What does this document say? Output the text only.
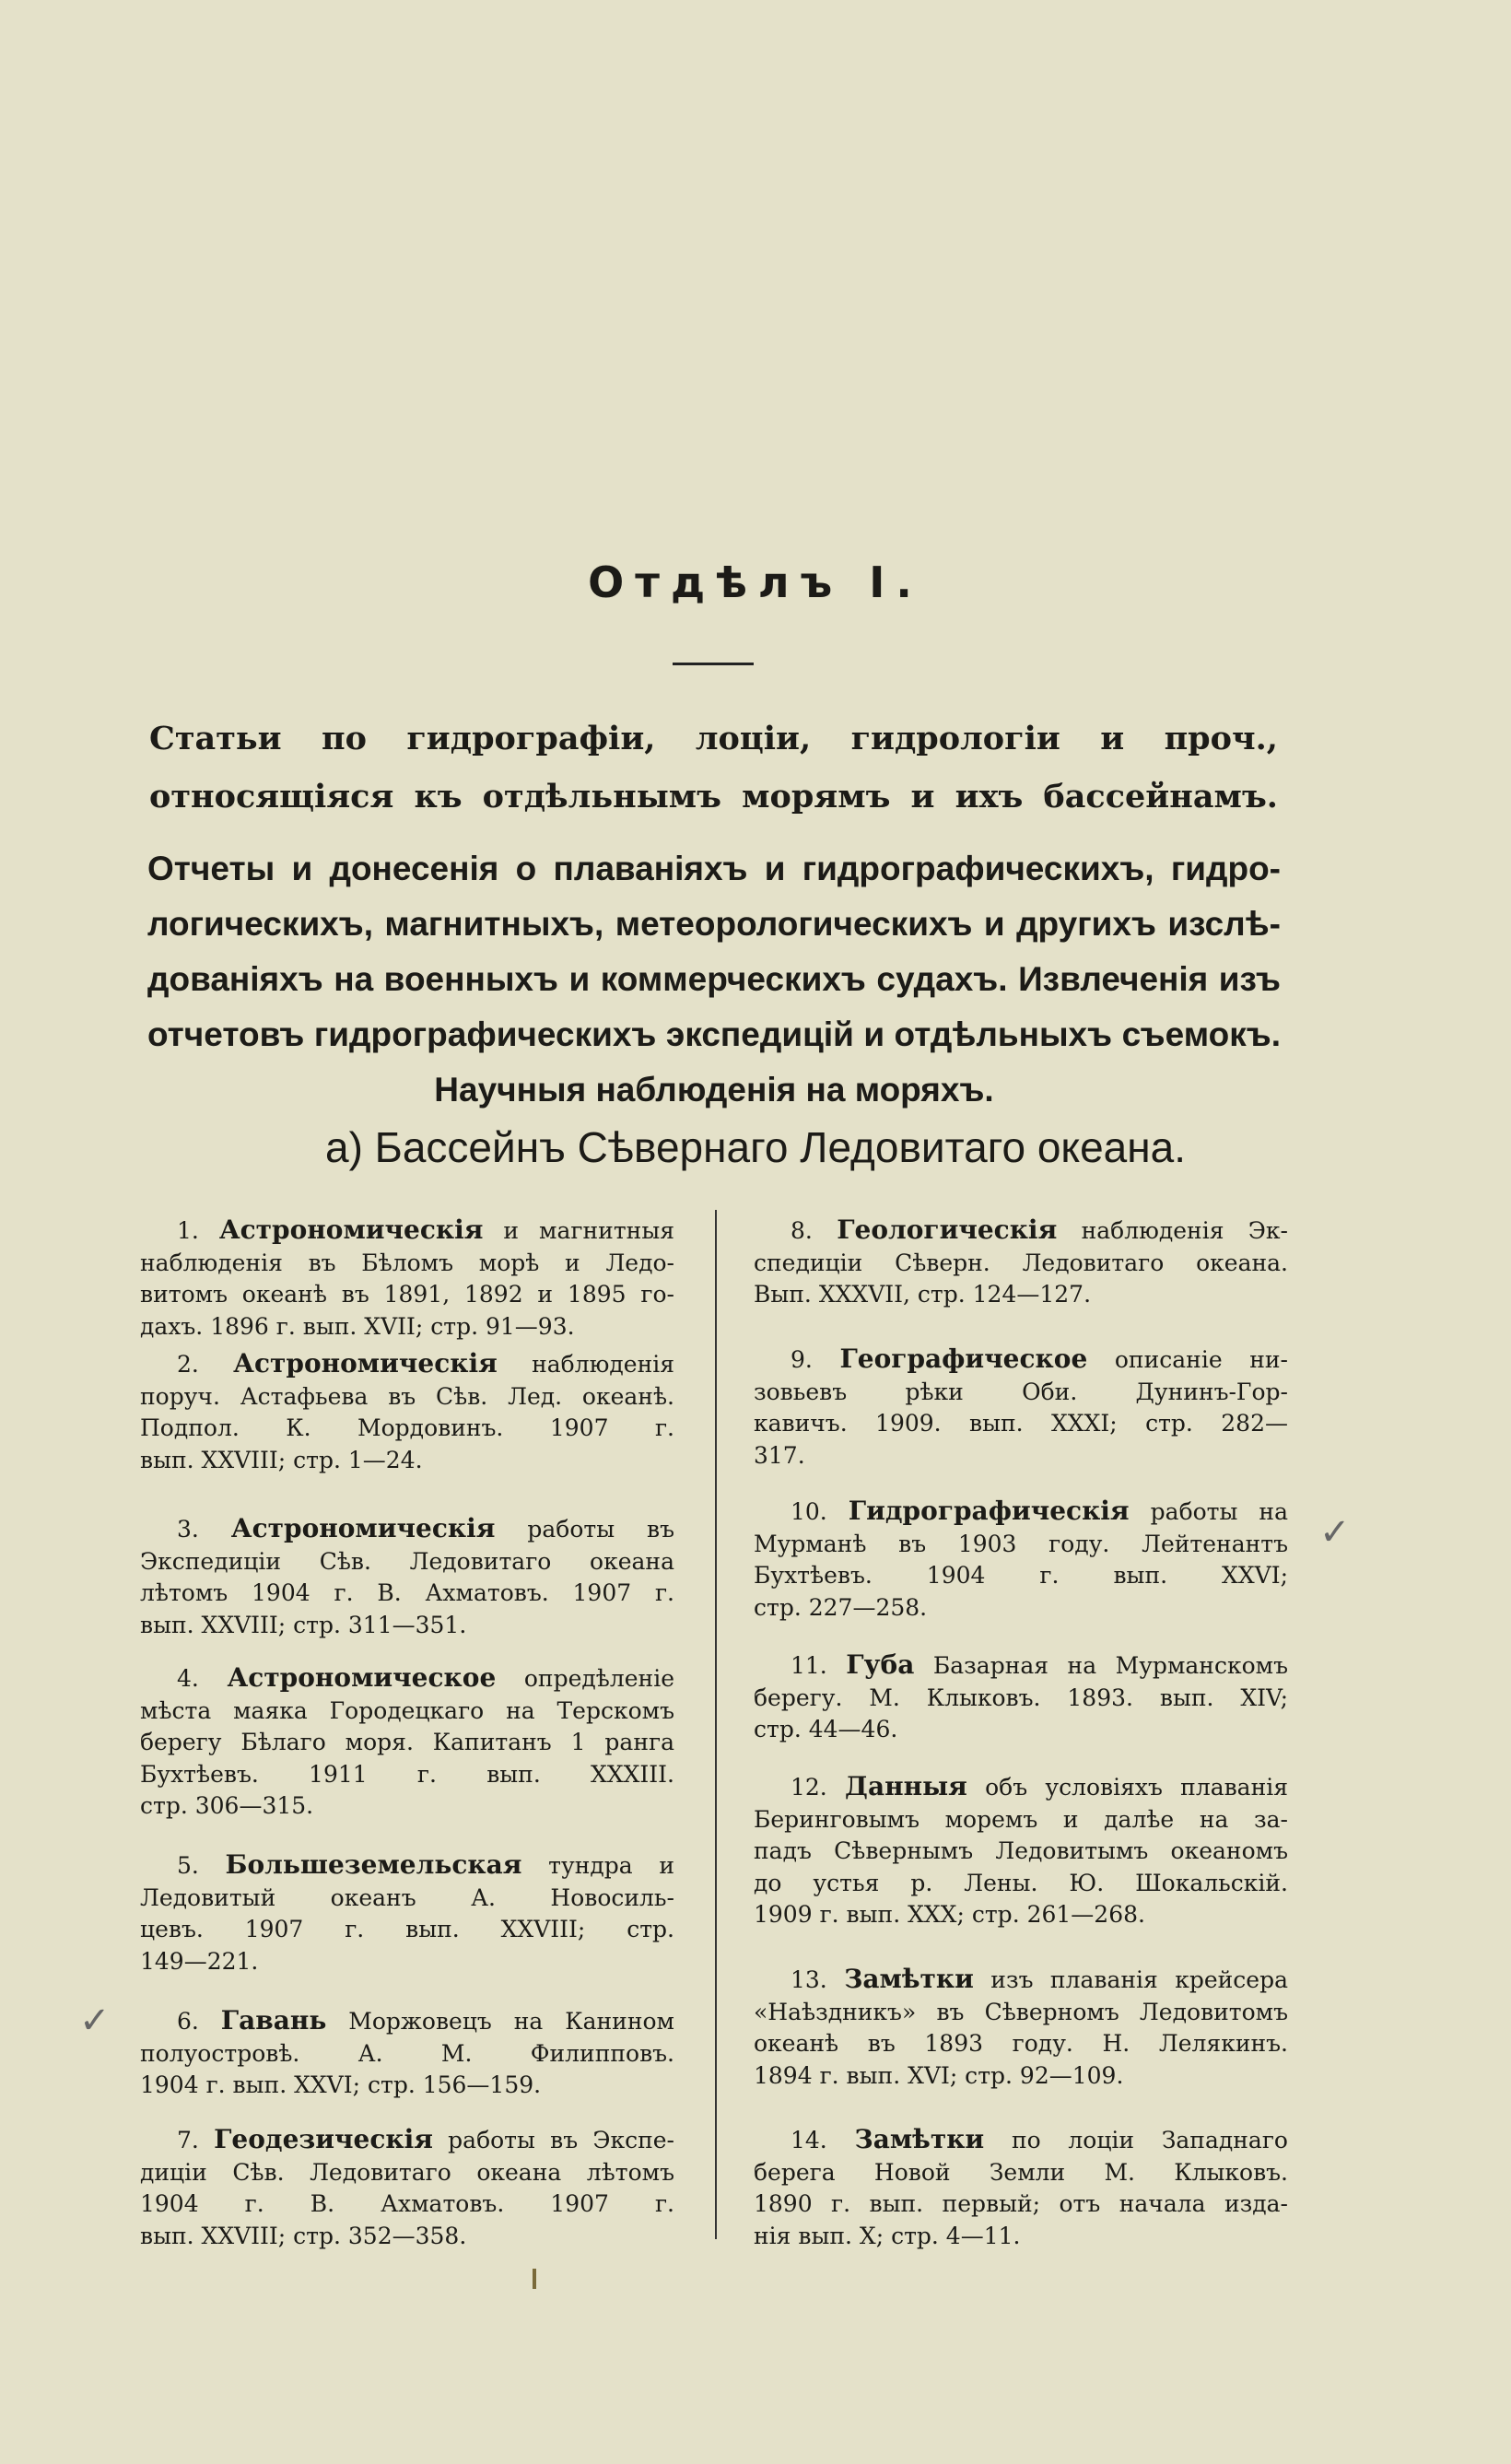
Отдѣлъ I.
Статьи по гидрографіи, лоціи, гидрологіи и проч.,
относящіяся къ отдѣльнымъ морямъ и ихъ бассейнамъ.
Отчеты и донесенія о плаваніяхъ и гидрографическихъ, гидро-
логическихъ, магнитныхъ, метеорологическихъ и другихъ изслѣ-
дованіяхъ на военныхъ и коммерческихъ судахъ. Извлеченія изъ
отчетовъ гидрографическихъ экспедицій и отдѣльныхъ съемокъ.
Научныя наблюденія на моряхъ.
а) Бассейнъ Сѣвернаго Ледовитаго океана.
1. Астрономическія и магнитныя
наблюденія въ Бѣломъ морѣ и Ледо-
витомъ океанѣ въ 1891, 1892 и 1895 го-
дахъ. 1896 г. вып. XVII; стр. 91—93.
2. Астрономическія наблюденія
поруч. Астафьева въ Сѣв. Лед. океанѣ.
Подпол. К. Мордовинъ. 1907 г.
вып. XXVIII; стр. 1—24.
3. Астрономическія работы въ
Экспедиціи Сѣв. Ледовитаго океана
лѣтомъ 1904 г. В. Ахматовъ. 1907 г.
вып. XXVIII; стр. 311—351.
4. Астрономическое опредѣленіе
мѣста маяка Городецкаго на Терскомъ
берегу Бѣлаго моря. Капитанъ 1 ранга
Бухтѣевъ. 1911 г. вып. XXXIII.
стр. 306—315.
5. Большеземельская тундра и
Ледовитый океанъ А. Новосиль-
цевъ. 1907 г. вып. XXVIII; стр.
149—221.
6. Гавань Моржовецъ на Канином
полуостровѣ. А. М. Филипповъ.
1904 г. вып. XXVI; стр. 156—159.
7. Геодезическія работы въ Экспе-
диціи Сѣв. Ледовитаго океана лѣтомъ
1904 г. В. Ахматовъ. 1907 г.
вып. XXVIII; стр. 352—358.
8. Геологическія наблюденія Эк-
спедиціи Сѣверн. Ледовитаго океана.
Вып. XXXVII, стр. 124—127.
9. Географическое описаніе ни-
зовьевъ рѣки Оби. Дунинъ-Гор-
кавичъ. 1909. вып. XXXI; стр. 282—
317.
10. Гидрографическія работы на
Мурманѣ въ 1903 году. Лейтенантъ
Бухтѣевъ. 1904 г. вып. XXVI;
стр. 227—258.
11. Губа Базарная на Мурманскомъ
берегу. М. Клыковъ. 1893. вып. XIV;
стр. 44—46.
12. Данныя объ условіяхъ плаванія
Беринговымъ моремъ и далѣе на за-
падъ Сѣвернымъ Ледовитымъ океаномъ
до устья р. Лены. Ю. Шокальскій.
1909 г. вып. XXX; стр. 261—268.
13. Замѣтки изъ плаванія крейсера
«Наѣздникъ» въ Сѣверномъ Ледовитомъ
океанѣ въ 1893 году. Н. Лелякинъ.
1894 г. вып. XVI; стр. 92—109.
14. Замѣтки по лоціи Западнаго
берега Новой Земли М. Клыковъ.
1890 г. вып. первый; отъ начала изда-
нія вып. X; стр. 4—11.
✓
✓
